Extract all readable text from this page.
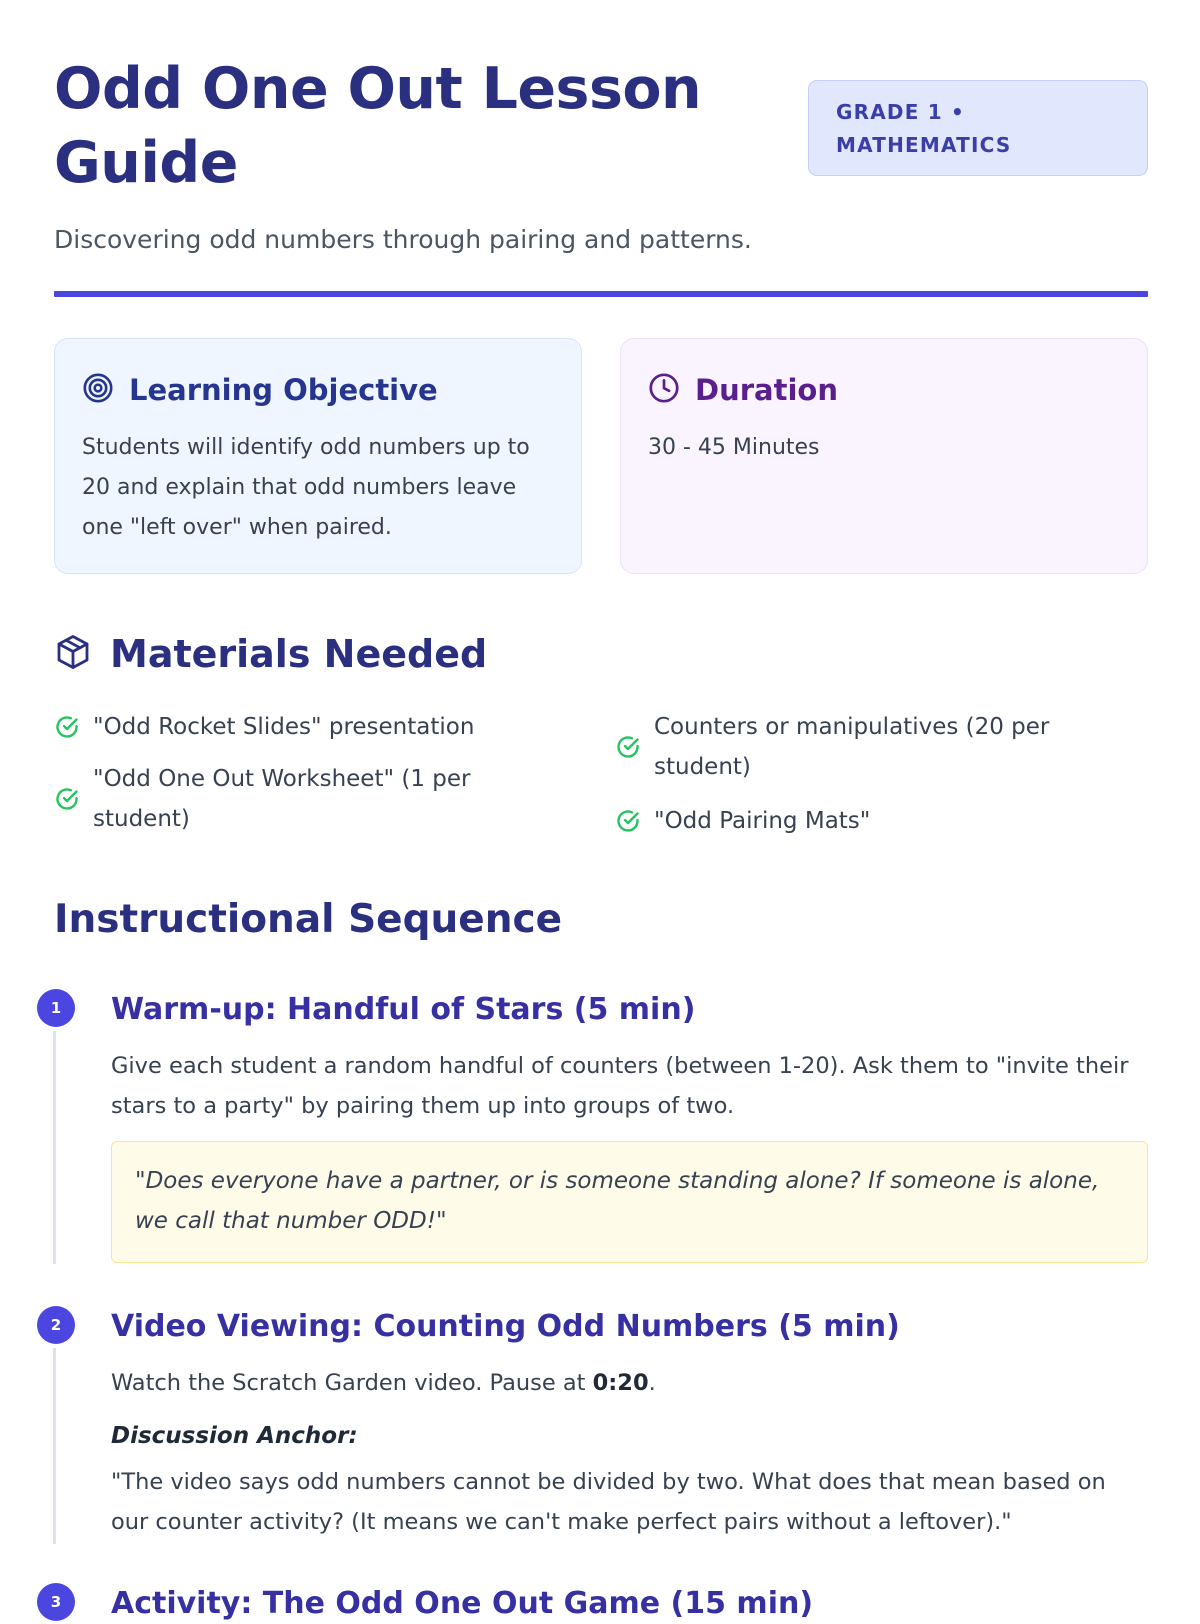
Odd One Out Lesson Guide
GRADE 1 •
MATHEMATICS

Discovering odd numbers through pairing and patterns.

Learning Objective

Students will identify odd numbers up to 20 and explain that odd numbers leave one "left over" when paired.

Duration

30 - 45 Minutes

Materials Needed
"Odd Rocket Slides" presentation
"Odd One Out Worksheet" (1 per student)
Counters or manipulatives (20 per student)
"Odd Pairing Mats"
Instructional Sequence
1	Warm-up: Handful of Stars (5 min)

Give each student a random handful of counters (between 1-20). Ask them to "invite their stars to a party" by pairing them up into groups of two.

"Does everyone have a partner, or is someone standing alone? If someone is alone, we call that number ODD!"
2	Video Viewing: Counting Odd Numbers (5 min)

Watch the Scratch Garden video. Pause at 0:20.

Discussion Anchor:

"The video says odd numbers cannot be divided by two. What does that mean based on our counter activity? (It means we can't make perfect pairs without a leftover)."

3	Activity: The Odd One Out Game (15 min)
